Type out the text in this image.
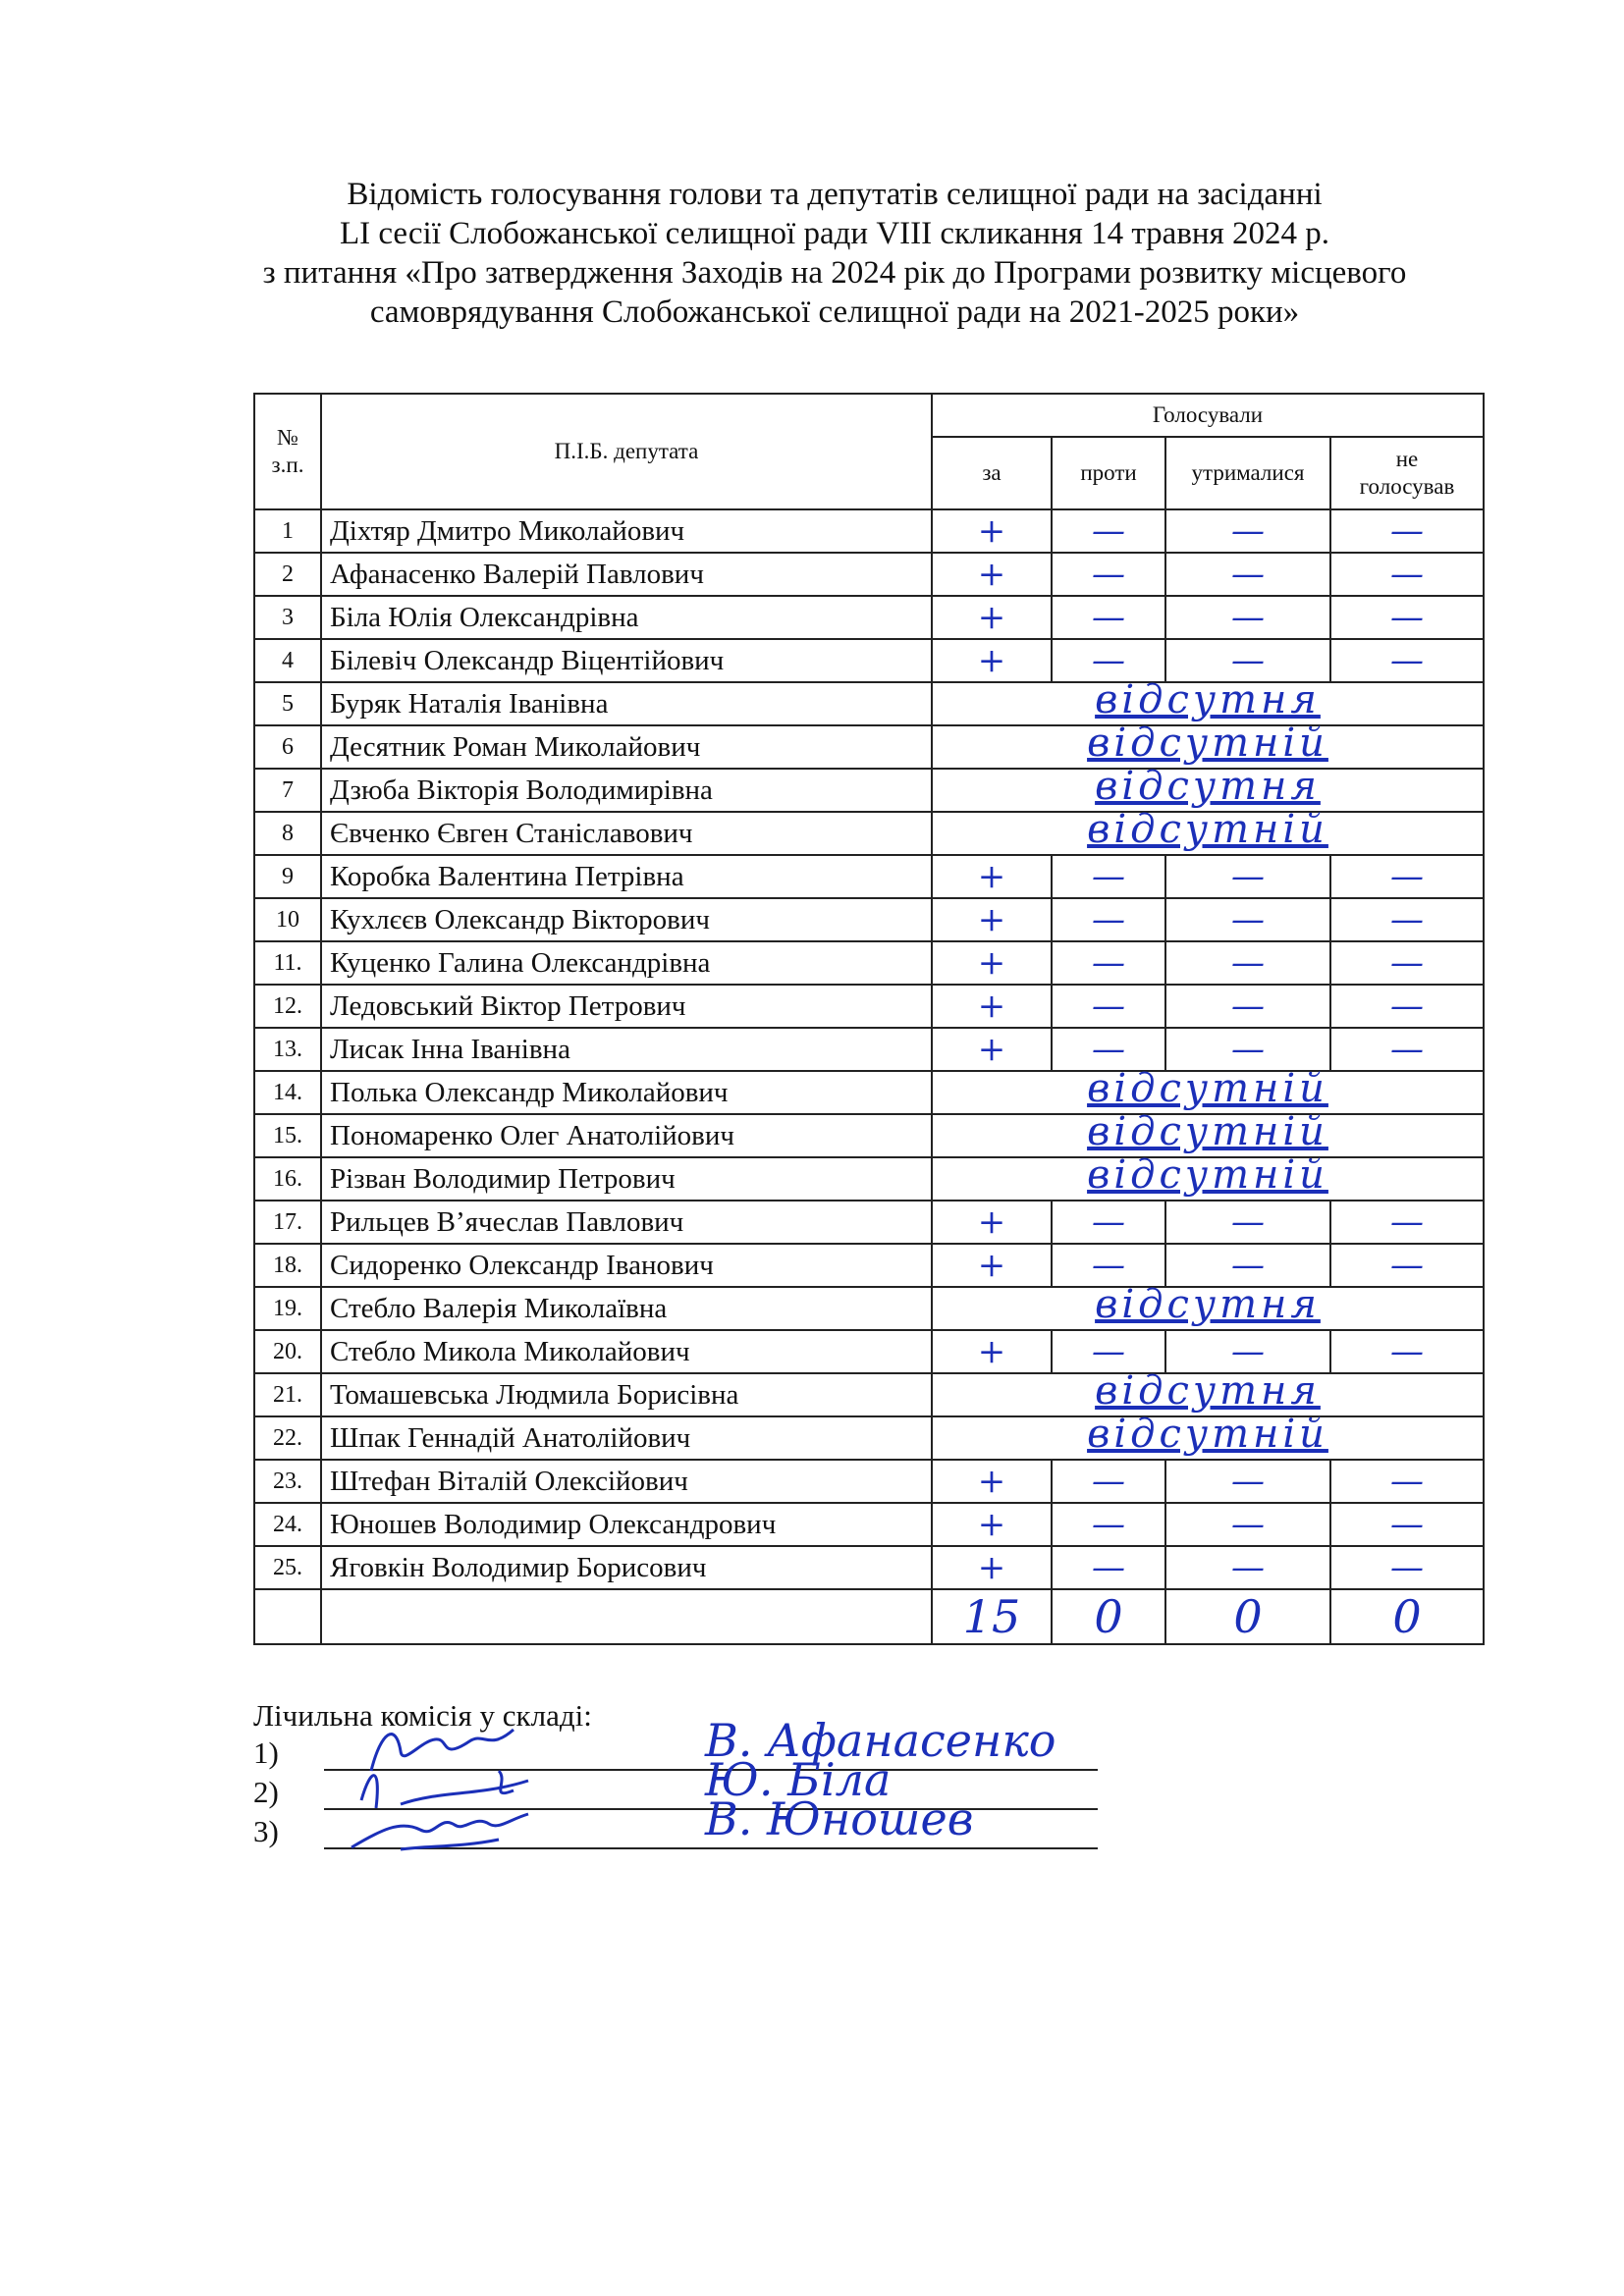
Відомість голосування голови та депутатів селищної ради на засіданні
LI сесії Слобожанської селищної ради VIII скликання 14 травня 2024 р.
з питання «Про затвердження Заходів на 2024 рік до Програми розвитку місцевого
самоврядування Слобожанської селищної ради на 2021-2025 роки»
№
з.п.	П.І.Б. депутата	Голосували			
		за	проти	утрималися	не
голосував

1	Діхтяр Дмитро Миколайович	+	—	—	—
2	Афанасенко Валерій Павлович	+	—	—	—
3	Біла Юлія Олександрівна	+	—	—	—
4	Білевіч Олександр Віцентійович	+	—	—	—
5	Буряк Наталія Іванівна	відсутня			

6	Десятник Роман Миколайович	відсутній			

7	Дзюба Вікторія Володимирівна	відсутня			

8	Євченко Євген Станіславович	відсутній			

9	Коробка Валентина Петрівна	+	—	—	—
10	Кухлєєв Олександр Вікторович	+	—	—	—
11.	Куценко Галина Олександрівна	+	—	—	—
12.	Ледовський Віктор Петрович	+	—	—	—
13.	Лисак Інна Іванівна	+	—	—	—
14.	Полька Олександр Миколайович	відсутній			

15.	Пономаренко Олег Анатолійович	відсутній			

16.	Різван Володимир Петрович	відсутній			

17.	Рильцев В’ячеслав Павлович	+	—	—	—
18.	Сидоренко Олександр Іванович	+	—	—	—
19.	Стебло Валерія Миколаївна	відсутня			

20.	Стебло Микола Миколайович	+	—	—	—
21.	Томашевська Людмила Борисівна	відсутня			

22.	Шпак Геннадій Анатолійович	відсутній			

23.	Штефан Віталій Олексійович	+	—	—	—
24.	Юношев Володимир Олександрович	+	—	—	—
25.	Яговкін Володимир Борисович	+	—	—	—
		15	0	0	0
Лічильна комісія у складі:
1)	В. Афанасенко
2)	Ю. Біла
3)	В. Юношев
